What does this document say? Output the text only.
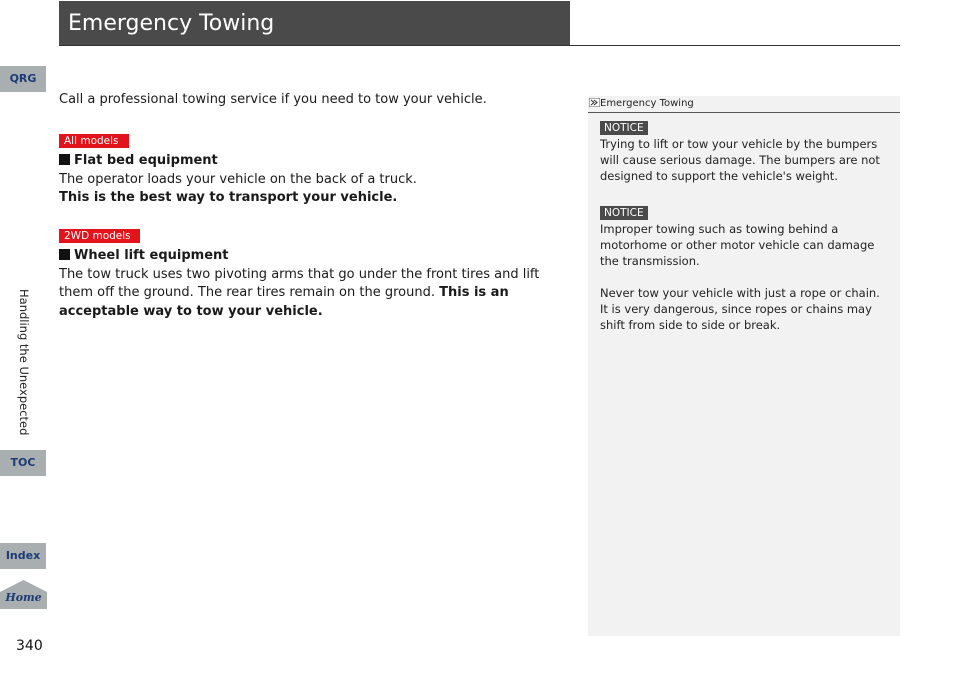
Emergency Towing
QRG
Handling the Unexpected
TOC
Index
Home
340

Call a professional towing service if you need to tow your vehicle.

All models

Flat bed equipment

The operator loads your vehicle on the back of a truck.

This is the best way to transport your vehicle.

2WD models

Wheel lift equipment

The tow truck uses two pivoting arms that go under the front tires and lift them off the ground. The rear tires remain on the ground. This is an acceptable way to tow your vehicle.

Emergency Towing
NOTICE

Trying to lift or tow your vehicle by the bumpers will cause serious damage. The bumpers are not designed to support the vehicle's weight.

NOTICE

Improper towing such as towing behind a motorhome or other motor vehicle can damage the transmission.

Never tow your vehicle with just a rope or chain.

It is very dangerous, since ropes or chains may shift from side to side or break.
